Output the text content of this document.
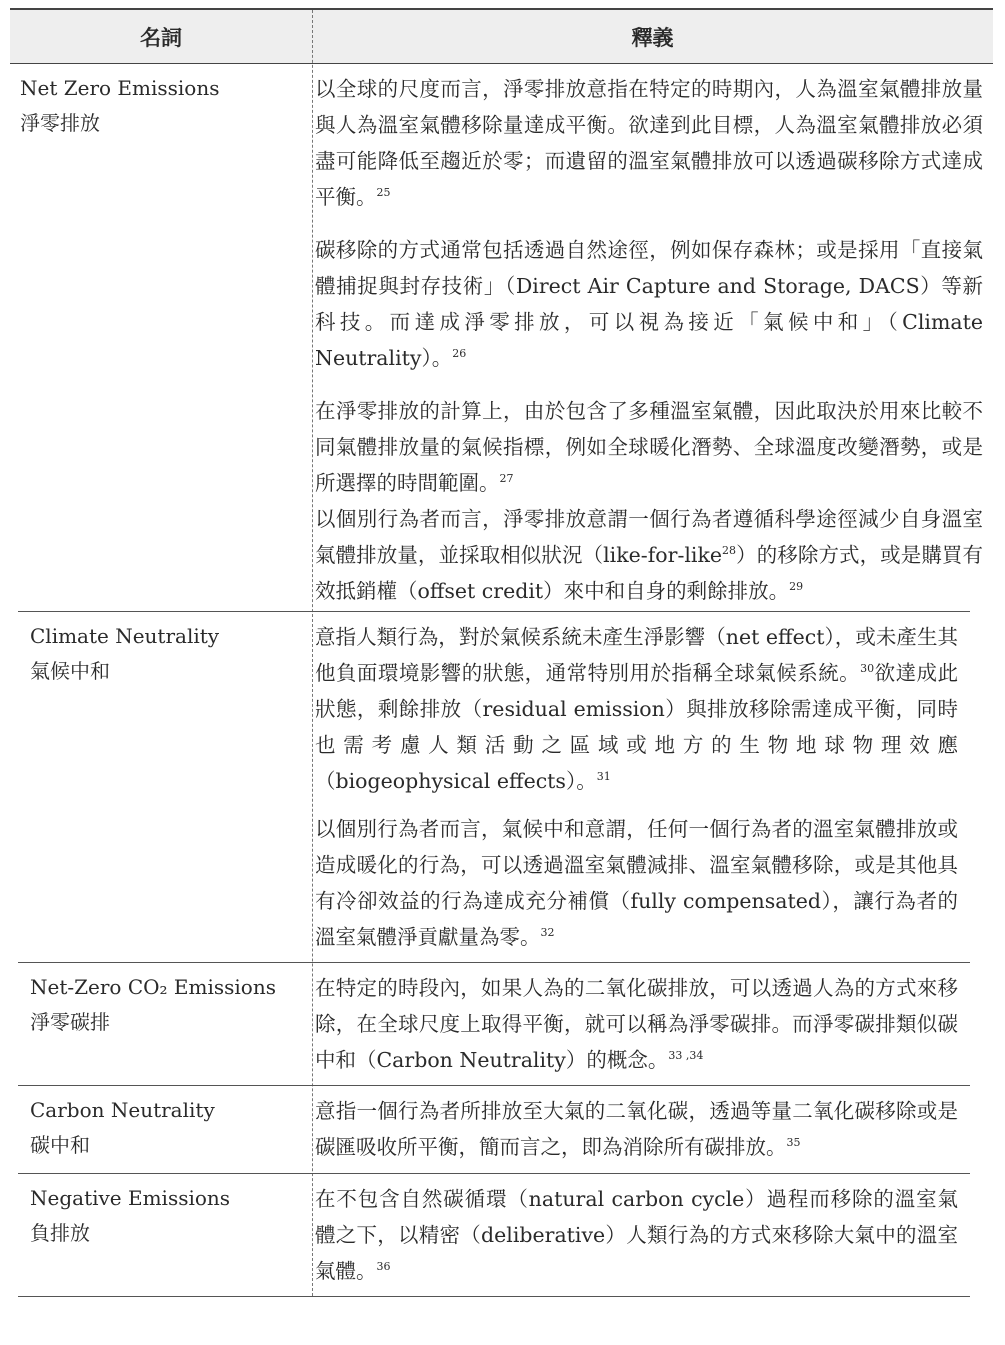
名詞	釋義
Net Zero Emissions
淨零排放

以全球的尺度而言，淨零排放意指在特定的時期內，人為溫室氣體排放量與人為溫室氣體移除量達成平衡。欲達到此目標，人為溫室氣體排放必須盡可能降低至趨近於零；而遺留的溫室氣體排放可以透過碳移除方式達成平衡。$^{25}$

碳移除的方式通常包括透過自然途徑，例如保存森林；或是採用「直接氣體捕捉與封存技術」（Direct Air Capture and Storage, DACS）等新科技。而達成淨零排放，可以視為接近「氣候中和」（Climate Neutrality）。$^{26}$

在淨零排放的計算上，由於包含了多種溫室氣體，因此取決於用來比較不同氣體排放量的氣候指標，例如全球暖化潛勢、全球溫度改變潛勢，或是所選擇的時間範圍。$^{27}$

以個別行為者而言，淨零排放意謂一個行為者遵循科學途徑減少自身溫室氣體排放量，並採取相似狀況（like-for-like$^{28}$）的移除方式，或是購買有效抵銷權（offset credit）來中和自身的剩餘排放。$^{29}$

Climate Neutrality
氣候中和

意指人類行為，對於氣候系統未產生淨影響（net effect），或未產生其他負面環境影響的狀態，通常特別用於指稱全球氣候系統。$^{30}$欲達成此狀態，剩餘排放（residual emission）與排放移除需達成平衡，同時也需考慮人類活動之區域或地方的生物地球物理效應（biogeophysical effects）。$^{31}$

以個別行為者而言，氣候中和意謂，任何一個行為者的溫室氣體排放或造成暖化的行為，可以透過溫室氣體減排、溫室氣體移除，或是其他具有冷卻效益的行為達成充分補償（fully compensated），讓行為者的溫室氣體淨貢獻量為零。$^{32}$

Net-Zero CO₂ Emissions
淨零碳排

在特定的時段內，如果人為的二氧化碳排放，可以透過人為的方式來移除，在全球尺度上取得平衡，就可以稱為淨零碳排。而淨零碳排類似碳中和（Carbon Neutrality）的概念。$^{33 ,34}$

Carbon Neutrality
碳中和

意指一個行為者所排放至大氣的二氧化碳，透過等量二氧化碳移除或是碳匯吸收所平衡，簡而言之，即為消除所有碳排放。$^{35}$

Negative Emissions
負排放

在不包含自然碳循環（natural carbon cycle）過程而移除的溫室氣體之下，以精密（deliberative）人類行為的方式來移除大氣中的溫室氣體。$^{36}$
